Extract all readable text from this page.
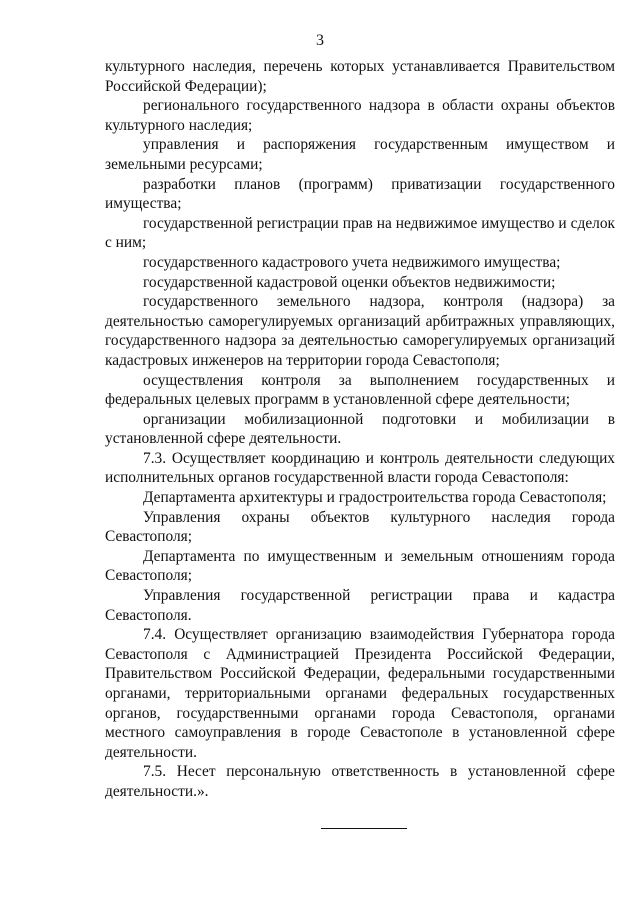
3

культурного наследия, перечень которых устанавливается Правительством Российской Федерации);

регионального государственного надзора в области охраны объектов культурного наследия;

управления и распоряжения государственным имуществом и земельными ресурсами;

разработки планов (программ) приватизации государственного имущества;

государственной регистрации прав на недвижимое имущество и сделок с ним;

государственного кадастрового учета недвижимого имущества;

государственной кадастровой оценки объектов недвижимости;

государственного земельного надзора, контроля (надзора) за деятельностью саморегулируемых организаций арбитражных управляющих, государственного надзора за деятельностью саморегулируемых организаций кадастровых инженеров на территории города Севастополя;

осуществления контроля за выполнением государственных и федеральных целевых программ в установленной сфере деятельности;

организации мобилизационной подготовки и мобилизации в установленной сфере деятельности.

7.3. Осуществляет координацию и контроль деятельности следующих исполнительных органов государственной власти города Севастополя:

Департамента архитектуры и градостроительства города Севастополя;

Управления охраны объектов культурного наследия города Севастополя;

Департамента по имущественным и земельным отношениям города Севастополя;

Управления государственной регистрации права и кадастра Севастополя.

7.4. Осуществляет организацию взаимодействия Губернатора города Севастополя с Администрацией Президента Российской Федерации, Правительством Российской Федерации, федеральными государственными органами, территориальными органами федеральных государственных органов, государственными органами города Севастополя, органами местного самоуправления в городе Севастополе в установленной сфере деятельности.

7.5. Несет персональную ответственность в установленной сфере деятельности.».
